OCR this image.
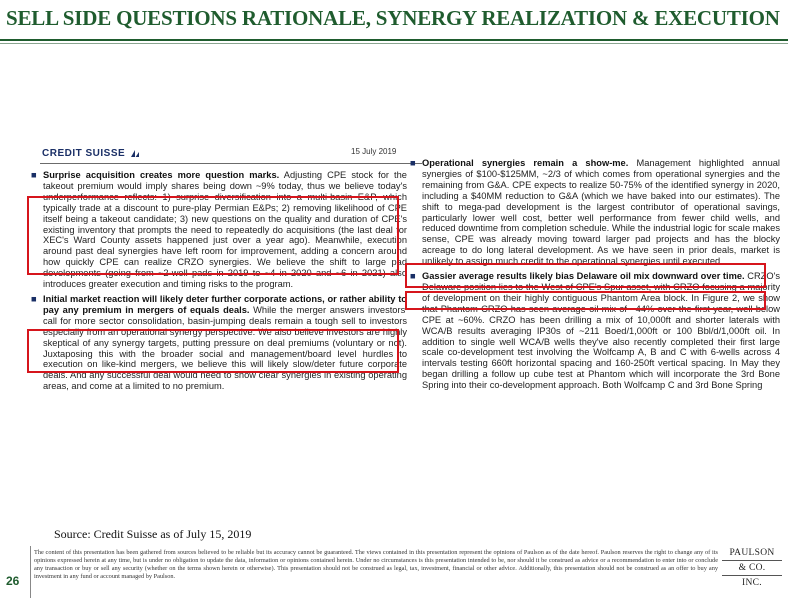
SELL SIDE QUESTIONS RATIONALE, SYNERGY REALIZATION & EXECUTION
CREDIT SUISSE	15 July 2019

■ Surprise acquisition creates more question marks. Adjusting CPE stock for the takeout premium would imply shares being down ~9% today, thus we believe today's underperformance reflects: 1) surprise diversification into a multi-basin E&P, which typically trade at a discount to pure-play Permian E&Ps; 2) removing likelihood of CPE itself being a takeout candidate; 3) new questions on the quality and duration of CPE's existing inventory that prompts the need to repeatedly do acquisitions (the last deal for XEC's Ward County assets happened just over a year ago). Meanwhile, execution around past deal synergies have left room for improvement, adding a concern around how quickly CPE can realize CRZO synergies. We believe the shift to large pad developments (going from ~2-well pads in 2019 to ~4 in 2020 and ~6 in 2021) also introduces greater execution and timing risks to the program.

■ Initial market reaction will likely deter further corporate actions, or rather ability to pay any premium in mergers of equals deals. While the merger answers investors' call for more sector consolidation, basin-jumping deals remain a tough sell to investors especially from an operational synergy perspective. We also believe investors are highly skeptical of any synergy targets, putting pressure on deal premiums (voluntary or not). Juxtaposing this with the broader social and management/board level hurdles to execution on like-kind mergers, we believe this will likely slow/deter future corporate deals. And any successful deal would need to show clear synergies in existing operating areas, and come at a limited to no premium.

■ Operational synergies remain a show-me. Management highlighted annual synergies of $100-$125MM, ~2/3 of which comes from operational synergies and the remaining from G&A. CPE expects to realize 50-75% of the identified synergy in 2020, including a $40MM reduction to G&A (which we have baked into our estimates). The shift to mega-pad development is the largest contributor of operational savings, particularly lower well cost, better well performance from fewer child wells, and reduced downtime from completion schedule. While the industrial logic for scale makes sense, CPE was already moving toward larger pad projects and has the blocky acreage to do long lateral development. As we have seen in prior deals, market is unlikely to assign much credit to the operational synergies until executed.

■ Gassier average results likely bias Delaware oil mix downward over time. CRZO's Delaware position lies to the West of CPE's Spur asset, with CRZO focusing a majority of development on their highly contiguous Phantom Area block. In Figure 2, we show that Phantom CRZO has seen average oil mix of ~44% over the first year, well below CPE at ~60%. CRZO has been drilling a mix of 10,000ft and shorter laterals with WCA/B results averaging IP30s of ~211 Boed/1,000ft or 100 Bbl/d/1,000ft oil. In addition to single well WCA/B wells they've also recently completed their first large scale co-development test involving the Wolfcamp A, B and C with 6-wells across 4 intervals testing 660ft horizontal spacing and 160-250ft vertical spacing. In May they began drilling a follow up cube test at Phantom which will incorporate the 3rd Bone Spring into their co-development approach. Both Wolfcamp C and 3rd Bone Spring

Source: Credit Suisse as of July 15, 2019
26
The content of this presentation has been gathered from sources believed to be reliable but its accuracy cannot be guaranteed. The views contained in this presentation represent the opinions of Paulson as of the date hereof. Paulson reserves the right to change any of its opinions expressed herein at any time, but is under no obligation to update the data, information or opinions contained herein. Under no circumstances is this presentation intended to be, nor should it be construed as advice or a recommendation to enter into or conclude any transaction or buy or sell any security (whether on the terms shown herein or otherwise). This presentation should not be construed as legal, tax, investment, financial or other advice. Additionally, this presentation should not be construed as an offer to buy any investment in any fund or account managed by Paulson.
PAULSON
& CO.
INC.
